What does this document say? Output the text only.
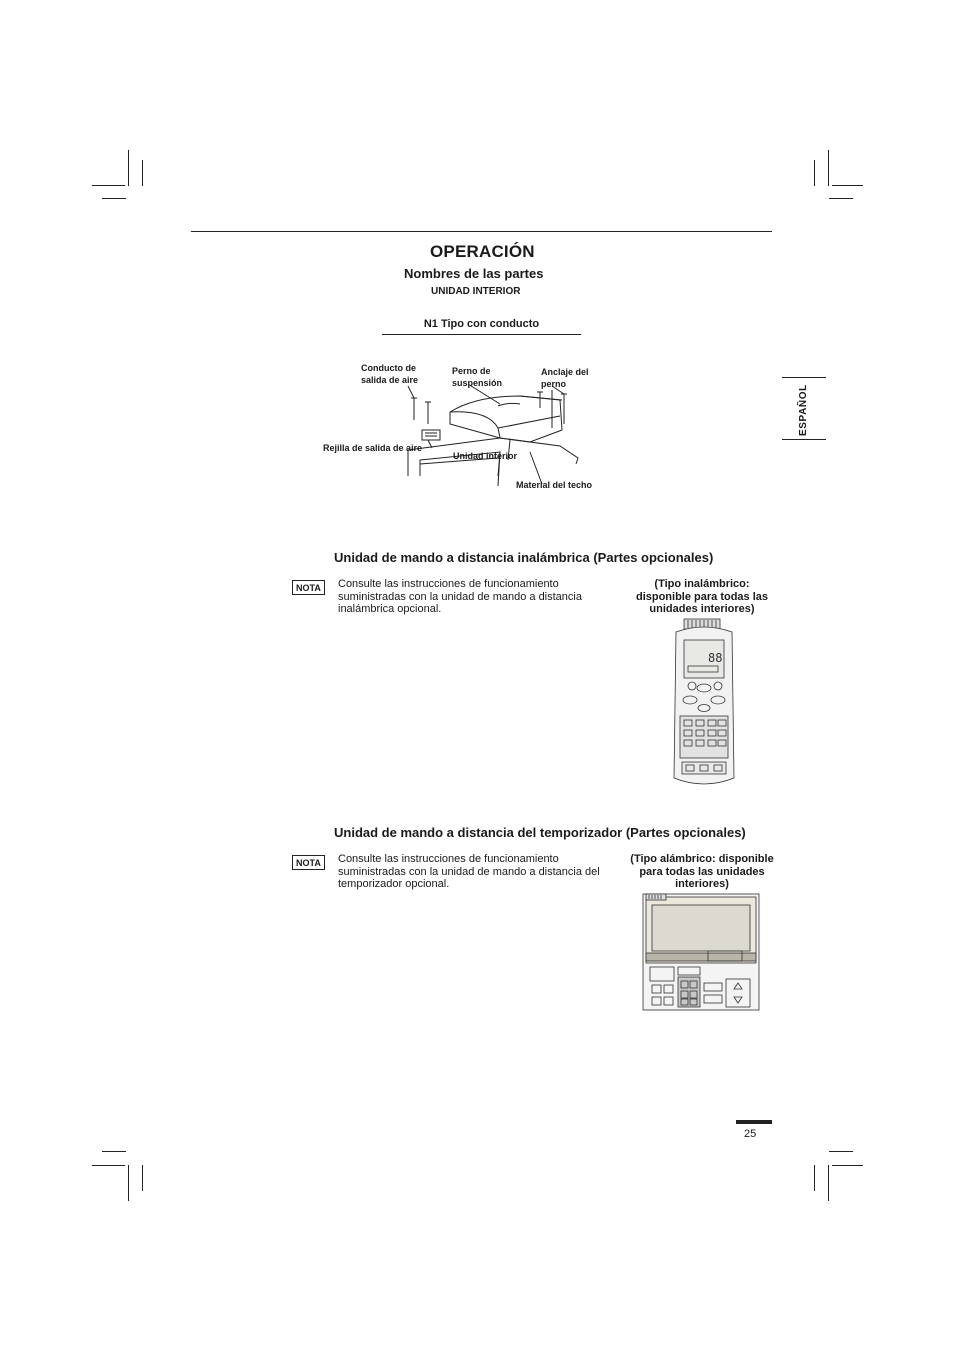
OPERACIÓN
Nombres de las partes
UNIDAD INTERIOR
N1 Tipo con conducto
ESPAÑOL
Conducto de
salida de aire
Perno de
suspensión
Anclaje del
perno
Rejilla de salida de aire
Unidad interior
Material del techo
Unidad de mando a distancia inalámbrica (Partes opcionales)
NOTA	Consulte las instrucciones de funcionamiento suministradas con la unidad de mando a distancia inalámbrica opcional.
(Tipo inalámbrico: disponible para todas las unidades interiores)
88
Unidad de mando a distancia del temporizador (Partes opcionales)
NOTA	Consulte las instrucciones de funcionamiento suministradas con la unidad de mando a distancia del temporizador opcional.
(Tipo alámbrico: disponible para todas las unidades interiores)
25
